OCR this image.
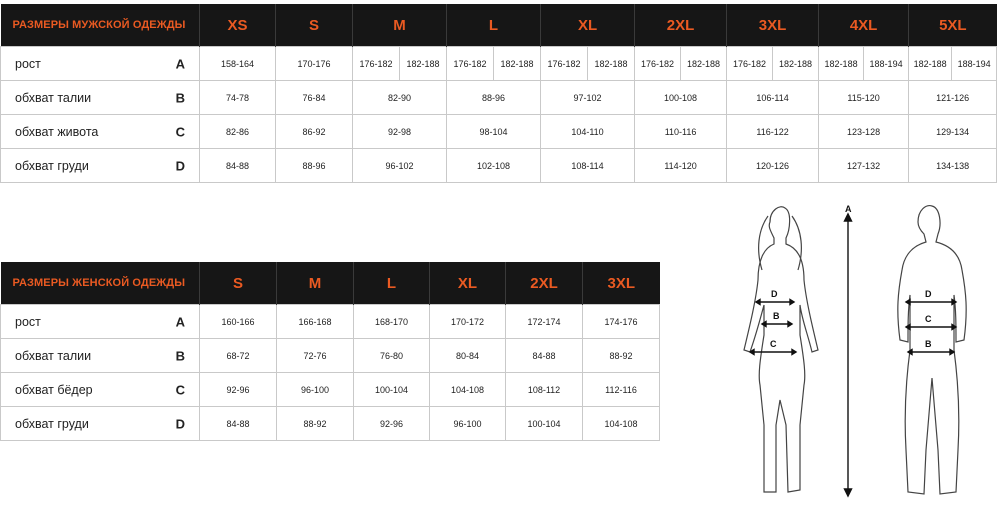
РАЗМЕРЫ МУЖСКОЙ ОДЕЖДЫ	XS	S	M		L		XL		2XL		3XL		4XL		5XL	
рост A	158-164	170-176	176-182	182-188	176-182	182-188	176-182	182-188	176-182	182-188	176-182	182-188	182-188	188-194	182-188	188-194
обхват талии B	74-78	76-84	82-90		88-96		97-102		100-108		106-114		115-120		121-126	
обхват живота C	82-86	86-92	92-98		98-104		104-110		110-116		116-122		123-128		129-134	
обхват груди D	84-88	88-96	96-102		102-108		108-114		114-120		120-126		127-132		134-138	
РАЗМЕРЫ ЖЕНСКОЙ ОДЕЖДЫ	S	M	L	XL	2XL	3XL
рост A	160-166	166-168	168-170	170-172	172-174	174-176
обхват талии B	68-72	72-76	76-80	80-84	84-88	88-92
обхват бёдер C	92-96	96-100	100-104	104-108	108-112	112-116
обхват груди D	84-88	88-92	92-96	96-100	100-104	104-108
D
B
C
A
D
C
B
